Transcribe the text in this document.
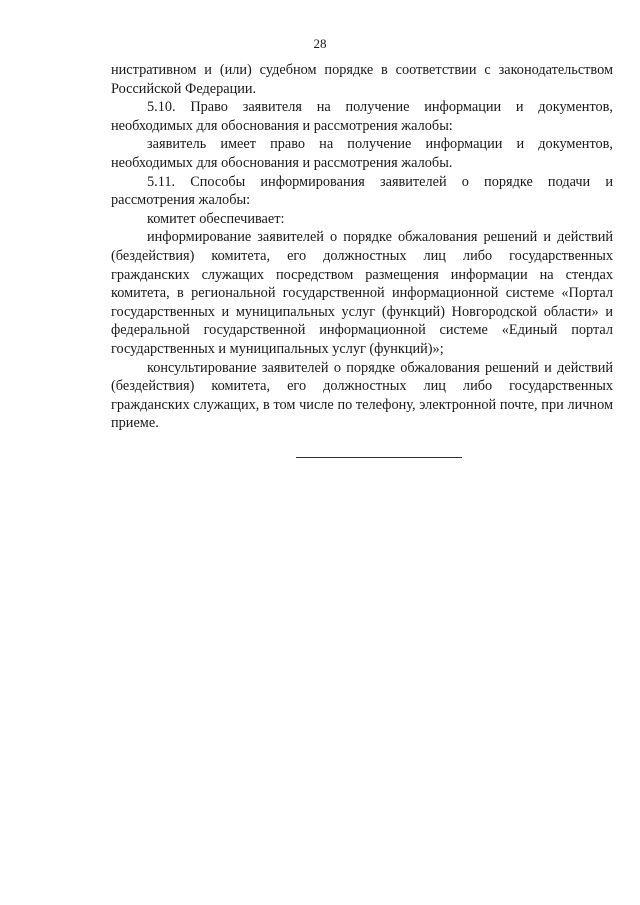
28

нистративном и (или) судебном порядке в соответствии с законодательством Российской Федерации.

5.10. Право заявителя на получение информации и документов, необходимых для обоснования и рассмотрения жалобы:

заявитель имеет право на получение информации и документов, необходимых для обоснования и рассмотрения жалобы.

5.11. Способы информирования заявителей о порядке подачи и рассмотрения жалобы:

комитет обеспечивает:

информирование заявителей о порядке обжалования решений и действий (бездействия) комитета, его должностных лиц либо государственных гражданских служащих посредством размещения информации на стендах комитета, в региональной государственной информационной системе «Портал государственных и муниципальных услуг (функций) Новгородской области» и федеральной государственной информационной системе «Единый портал государственных и муниципальных услуг (функций)»;

консультирование заявителей о порядке обжалования решений и действий (бездействия) комитета, его должностных лиц либо государственных гражданских служащих, в том числе по телефону, электронной почте, при личном приеме.
